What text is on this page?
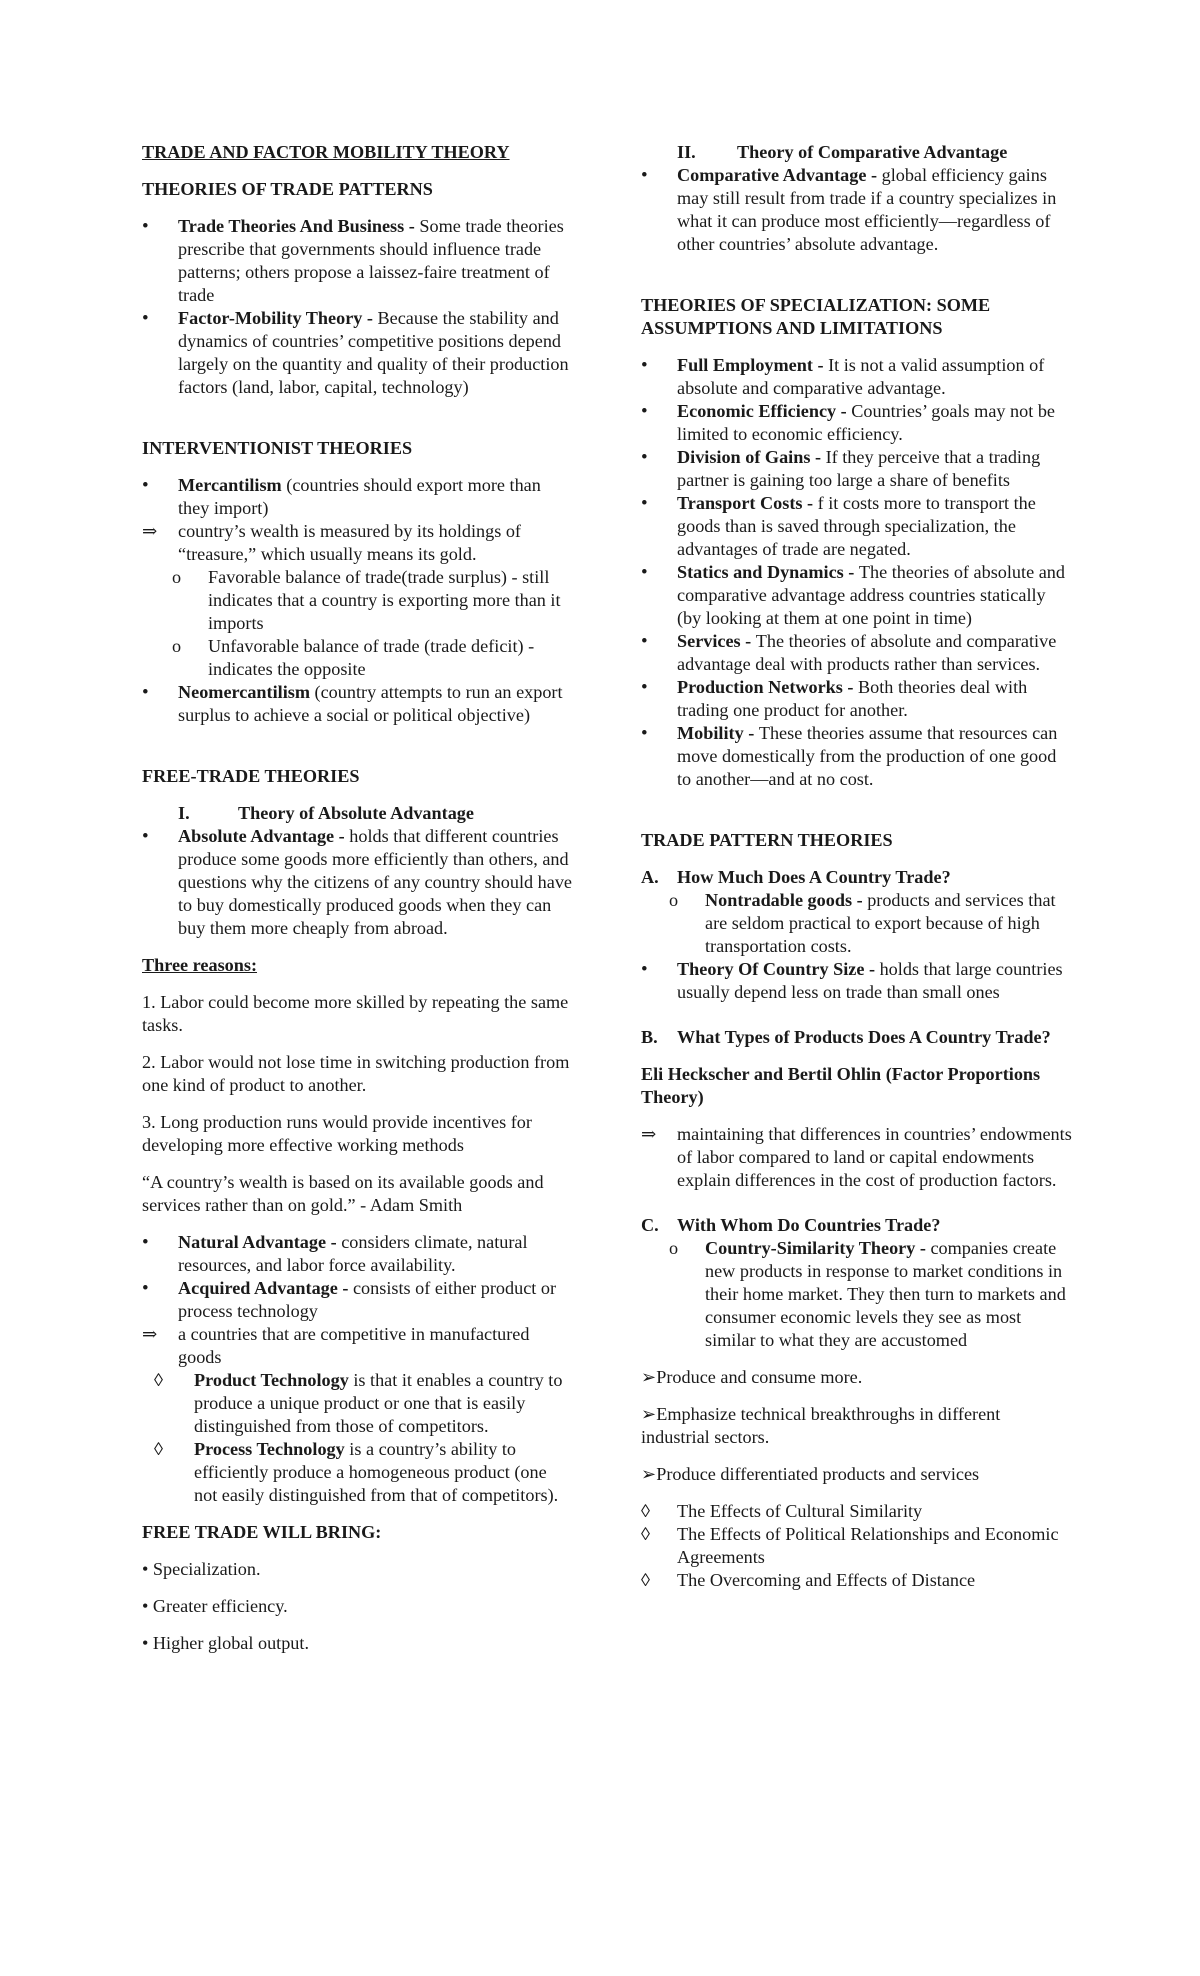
TRADE AND FACTOR MOBILITY THEORY

THEORIES OF TRADE PATTERNS

•
Trade Theories And Business - Some trade theories prescribe that governments should influence trade patterns; others propose a laissez-faire treatment of trade

•
Factor-Mobility Theory - Because the stability and dynamics of countries’ competitive positions depend largely on the quantity and quality of their production factors (land, labor, capital, technology)

INTERVENTIONIST THEORIES

•
Mercantilism (countries should export more than they import)

⇒	country’s wealth is measured by its holdings of “treasure,” which usually means its gold.

o	Favorable balance of trade(trade surplus) - still indicates that a country is exporting more than it imports

o	Unfavorable balance of trade (trade deficit) - indicates the opposite

•
Neomercantilism (country attempts to run an export surplus to achieve a social or political objective)

FREE-TRADE THEORIES

I.	Theory of Absolute Advantage

•
Absolute Advantage - holds that different countries produce some goods more efficiently than others, and questions why the citizens of any country should have to buy domestically produced goods when they can buy them more cheaply from abroad.

Three reasons:

1. Labor could become more skilled by repeating the same tasks.

2. Labor would not lose time in switching production from one kind of product to another.

3. Long production runs would provide incentives for developing more effective working methods

“A country’s wealth is based on its available goods and services rather than on gold.” - Adam Smith

•
Natural Advantage - considers climate, natural resources, and labor force availability.

•
Acquired Advantage - consists of either product or process technology

⇒	a countries that are competitive in manufactured goods

◊	Product Technology is that it enables a country to produce a unique product or one that is easily distinguished from those of competitors.

◊	Process Technology is a country’s ability to efficiently produce a homogeneous product (one not easily distinguished from that of competitors).

FREE TRADE WILL BRING:

• Specialization.

• Greater efficiency.

• Higher global output.

II. Theory of Comparative Advantage

•
Comparative Advantage - global efficiency gains may still result from trade if a country specializes in what it can produce most efficiently—regardless of other countries’ absolute advantage.

THEORIES OF SPECIALIZATION: SOME ASSUMPTIONS AND LIMITATIONS

•
Full Employment - It is not a valid assumption of absolute and comparative advantage.

•
Economic Efficiency - Countries’ goals may not be limited to economic efficiency.

•
Division of Gains - If they perceive that a trading partner is gaining too large a share of benefits

•
Transport Costs - f it costs more to transport the goods than is saved through specialization, the advantages of trade are negated.

•
Statics and Dynamics - The theories of absolute and comparative advantage address countries statically (by looking at them at one point in time)

•
Services - The theories of absolute and comparative advantage deal with products rather than services.

•
Production Networks - Both theories deal with trading one product for another.

•
Mobility - These theories assume that resources can move domestically from the production of one good to another—and at no cost.

TRADE PATTERN THEORIES

A.	How Much Does A Country Trade?

o	Nontradable goods - products and services that are seldom practical to export because of high transportation costs.

•
Theory Of Country Size - holds that large countries usually depend less on trade than small ones

B.	What Types of Products Does A Country Trade?

Eli Heckscher and Bertil Ohlin (Factor Proportions Theory)

⇒	maintaining that differences in countries’ endowments of labor compared to land or capital endowments explain differences in the cost of production factors.

C.	With Whom Do Countries Trade?

o	Country-Similarity Theory - companies create new products in response to market conditions in their home market. They then turn to markets and consumer economic levels they see as most similar to what they are accustomed

➢Produce and consume more.

➢Emphasize technical breakthroughs in different industrial sectors.

➢Produce differentiated products and services

◊	The Effects of Cultural Similarity

◊	The Effects of Political Relationships and Economic Agreements

◊	The Overcoming and Effects of Distance
